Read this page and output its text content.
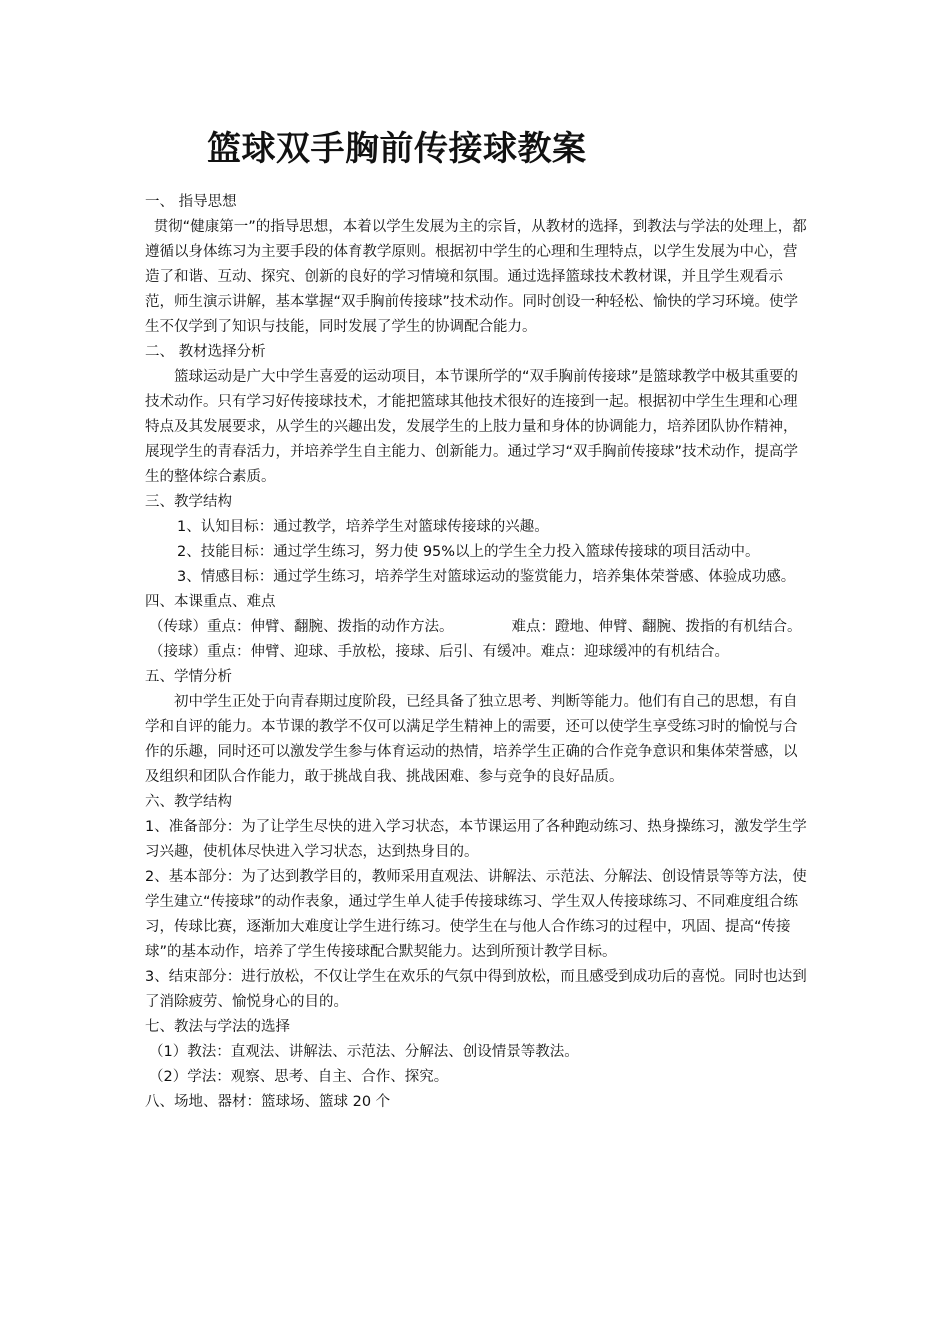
篮球双手胸前传接球教案

一、 指导思想

贯彻“健康第一”的指导思想，本着以学生发展为主的宗旨，从教材的选择，到教法与学法的处理上，都遵循以身体练习为主要手段的体育教学原则。根据初中学生的心理和生理特点，以学生发展为中心，营造了和谐、互动、探究、创新的良好的学习情境和氛围。通过选择篮球技术教材课，并且学生观看示范，师生演示讲解，基本掌握“双手胸前传接球”技术动作。同时创设一种轻松、愉快的学习环境。使学生不仅学到了知识与技能，同时发展了学生的协调配合能力。

二、 教材选择分析

篮球运动是广大中学生喜爱的运动项目，本节课所学的“双手胸前传接球”是篮球教学中极其重要的技术动作。只有学习好传接球技术，才能把篮球其他技术很好的连接到一起。根据初中学生生理和心理特点及其发展要求，从学生的兴趣出发，发展学生的上肢力量和身体的协调能力，培养团队协作精神，展现学生的青春活力，并培养学生自主能力、创新能力。通过学习“双手胸前传接球”技术动作，提高学生的整体综合素质。

三、教学结构

1、认知目标：通过教学，培养学生对篮球传接球的兴趣。

2、技能目标：通过学生练习，努力使 95%以上的学生全力投入篮球传接球的项目活动中。

3、情感目标：通过学生练习，培养学生对篮球运动的鉴赏能力，培养集体荣誉感、体验成功感。

四、本课重点、难点

（传球）重点：伸臂、翻腕、拨指的动作方法。	难点：蹬地、伸臂、翻腕、拨指的有机结合。

（接球）重点：伸臂、迎球、手放松，接球、后引、有缓冲。难点：迎球缓冲的有机结合。

五、学情分析

初中学生正处于向青春期过度阶段，已经具备了独立思考、判断等能力。他们有自己的思想，有自学和自评的能力。本节课的教学不仅可以满足学生精神上的需要，还可以使学生享受练习时的愉悦与合作的乐趣，同时还可以激发学生参与体育运动的热情，培养学生正确的合作竞争意识和集体荣誉感，以及组织和团队合作能力，敢于挑战自我、挑战困难、参与竞争的良好品质。

六、教学结构

1、准备部分：为了让学生尽快的进入学习状态，本节课运用了各种跑动练习、热身操练习，激发学生学习兴趣，使机体尽快进入学习状态，达到热身目的。

2、基本部分：为了达到教学目的，教师采用直观法、讲解法、示范法、分解法、创设情景等等方法，使学生建立“传接球”的动作表象，通过学生单人徒手传接球练习、学生双人传接球练习、不同难度组合练习，传球比赛，逐渐加大难度让学生进行练习。使学生在与他人合作练习的过程中，巩固、提高“传接球”的基本动作，培养了学生传接球配合默契能力。达到所预计教学目标。

3、结束部分：进行放松，不仅让学生在欢乐的气氛中得到放松，而且感受到成功后的喜悦。同时也达到了消除疲劳、愉悦身心的目的。

七、教法与学法的选择

（1）教法：直观法、讲解法、示范法、分解法、创设情景等教法。

（2）学法：观察、思考、自主、合作、探究。

八、场地、器材：篮球场、篮球 20 个
